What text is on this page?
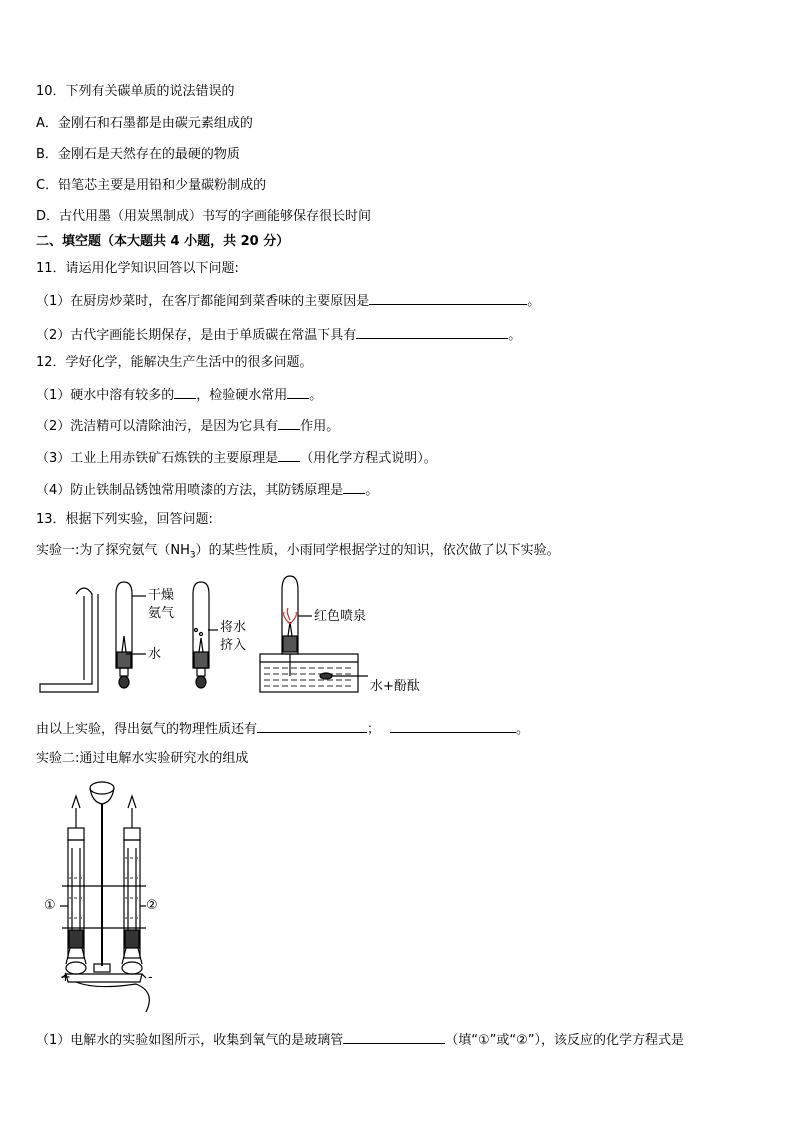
10．下列有关碳单质的说法错误的
A．金刚石和石墨都是由碳元素组成的
B．金刚石是天然存在的最硬的物质
C．铅笔芯主要是用铅和少量碳粉制成的
D．古代用墨（用炭黑制成）书写的字画能够保存很长时间
二、填空题（本大题共 4 小题，共 20 分）
11．请运用化学知识回答以下问题:
（1）在厨房炒菜时，在客厅都能闻到菜香味的主要原因是	。
（2）古代字画能长期保存，是由于单质碳在常温下具有	。
12．学好化学，能解决生产生活中的很多问题。
（1）硬水中溶有较多的 ，检验硬水常用 。
（2）洗洁精可以清除油污，是因为它具有 作用。
（3）工业上用赤铁矿石炼铁的主要原理是 （用化学方程式说明）。
（4）防止铁制品锈蚀常用喷漆的方法，其防锈原理是 。
13．根据下列实验，回答问题:
实验一:为了探究氨气$(NH_3)$的某些性质，小雨同学根据学过的知识，依次做了以下实验。
干燥
氨气
水
将水
挤入
红色喷泉
水+酚酞
由以上实验，得出氨气的物理性质还有	；	。
实验二:通过电解水实验研究水的组成
①	②
+	-
（1）电解水的实验如图所示，收集到氧气的是玻璃管	（填“①”或“②”），该反应的化学方程式是
